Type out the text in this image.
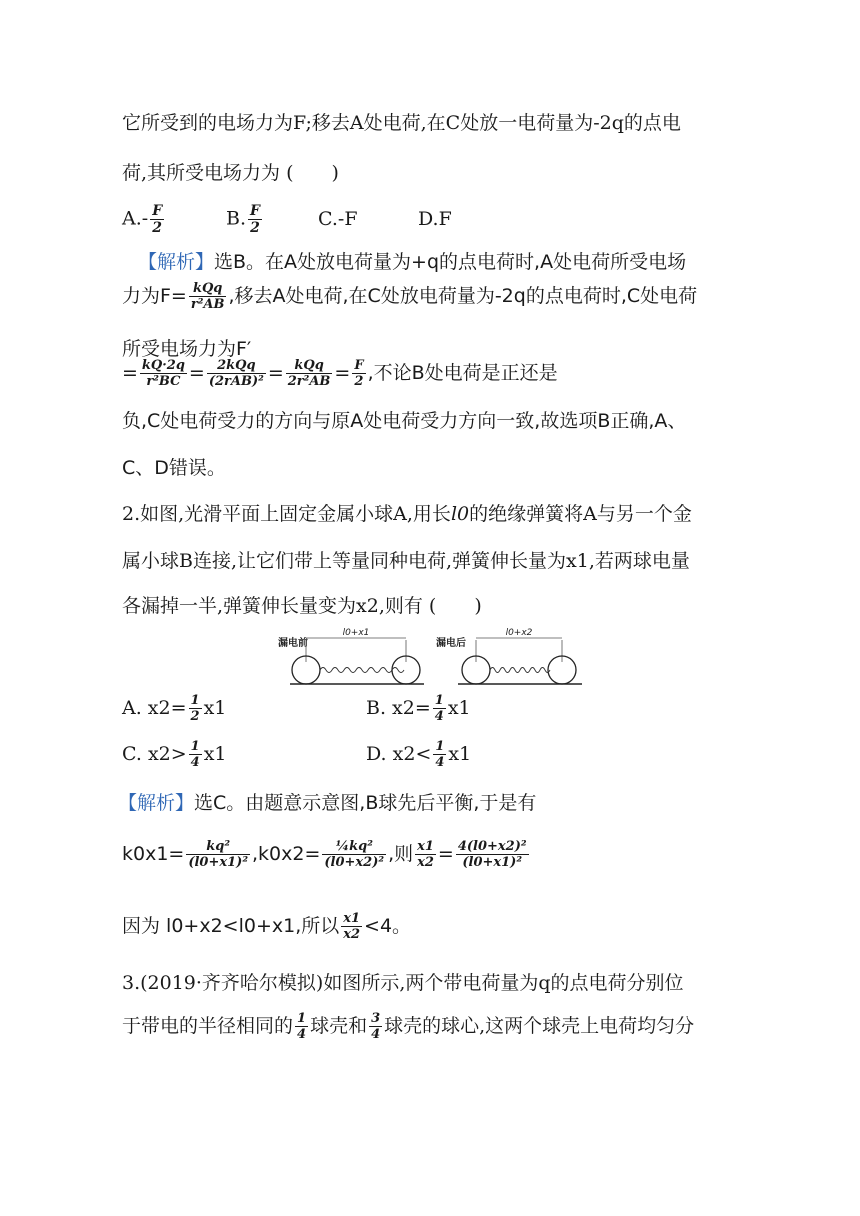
它所受到的电场力为F;移去A处电荷,在C处放一电荷量为-2q的点电
荷,其所受电场力为 (　　)
$A.- \frac{F}{2}$	B. $\frac{F}{2}$	C.-F	D.F
【解析】选B。在A处放电荷量为+q的点电荷时,A处电荷所受电场
力为$F= \frac{\text{kQq}}{\text{r²AB}}$ ,移去A处电荷,在C处放电荷量为-2q的点电荷时,C处电荷
所受电场力为F′
= $\frac{kQ\cdot 2q}{\text{r²BC}} = \frac{\text{2kQq}}{\text{(2rAB)²}} = \frac{\text{kQq}}{\text{2r²AB}} = \frac{F}{2}$ ,不论B处电荷是正还是
负,C处电荷受力的方向与原A处电荷受力方向一致,故选项B正确,A、
C、D错误。
2.如图,光滑平面上固定金属小球A,用长l0的绝缘弹簧将A与另一个金
属小球B连接,让它们带上等量同种电荷,弹簧伸长量为x1,若两球电量
各漏掉一半,弹簧伸长量变为x2,则有 (　　)
漏电前
l0+x1
漏电后
l0+x2
A. $x2= \frac{1}{2} x1$	B. $x2= \frac{1}{4} x1$
C. $x2> \frac{1}{4} x1$	D. $x2< \frac{1}{4} x1$
【解析】选C。由题意示意图,B球先后平衡,于是有
$k0x1= \frac{\text{kq²}}{\text{(l0+x1)²}} ,k0x2= \frac{\text{¼kq²}}{\text{(l0+x2)²}}$ ,则 $\frac{x1}{x2} = \frac{\text{4(l0+x2)²}}{\text{(l0+x1)²}}$
因为 l0+x2<l0+x1,所以 $\frac{x1}{x2} <4$。
3.(2019·齐齐哈尔模拟)如图所示,两个带电荷量为q的点电荷分别位
于带电的半径相同的 $\frac{1}{4}$ 球壳和 $\frac{3}{4}$ 球壳的球心,这两个球壳上电荷均匀分
